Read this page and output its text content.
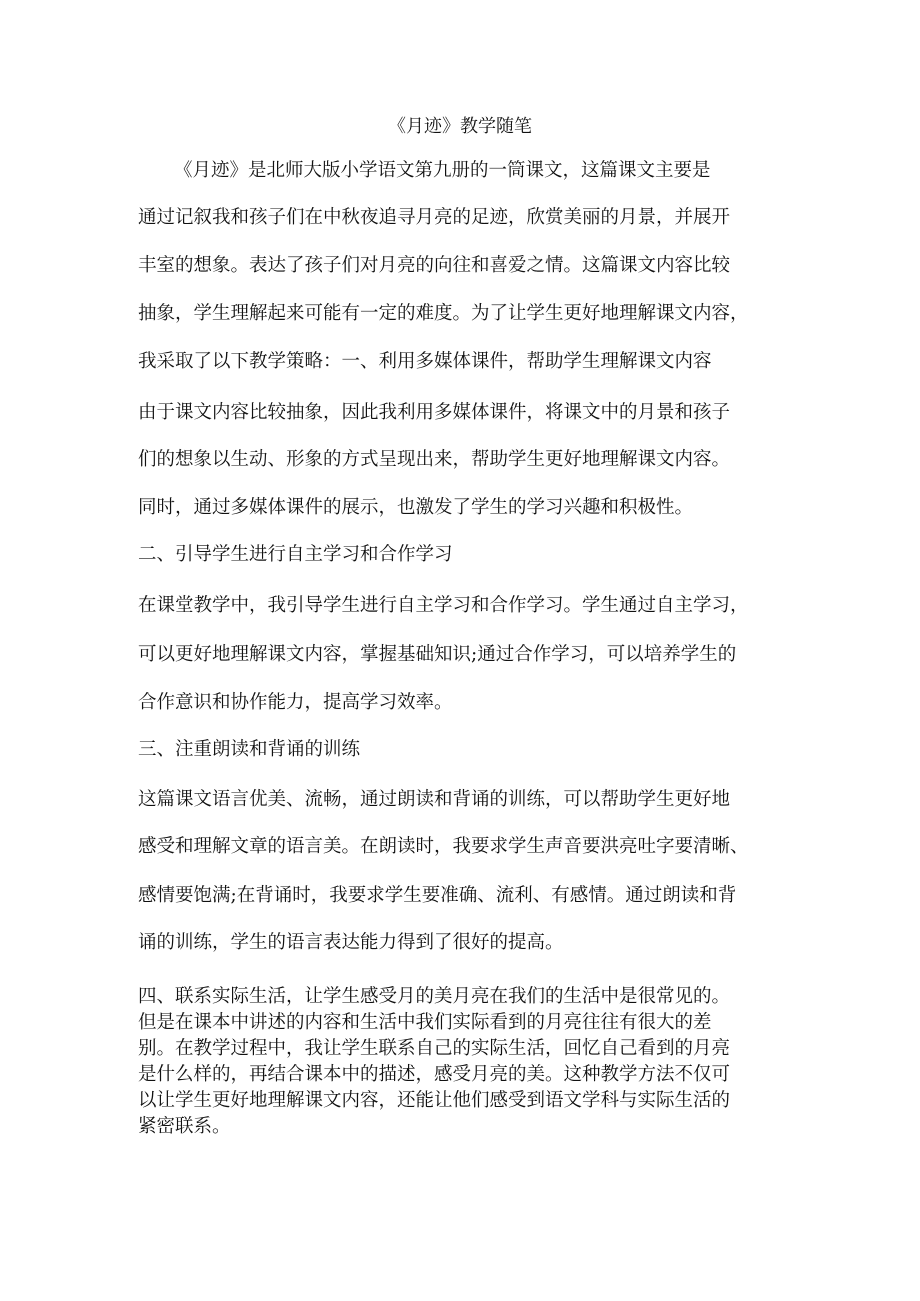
《月迹》教学随笔
《月迹》是北师大版小学语文第九册的一筒课文，这篇课文主要是
通过记叙我和孩子们在中秋夜追寻月亮的足迹，欣赏美丽的月景，并展开
丰室的想象。表达了孩子们对月亮的向往和喜爱之情。这篇课文内容比较
抽象，学生理解起来可能有一定的难度。为了让学生更好地理解课文内容，
我采取了以下教学策略：一、利用多媒体课件，帮助学生理解课文内容
由于课文内容比较抽象，因此我利用多媒体课件，将课文中的月景和孩子
们的想象以生动、形象的方式呈现出来，帮助学生更好地理解课文内容。
同时，通过多媒体课件的展示，也激发了学生的学习兴趣和积极性。
二、引导学生进行自主学习和合作学习
在课堂教学中，我引导学生进行自主学习和合作学习。学生通过自主学习，
可以更好地理解课文内容，掌握基础知识;通过合作学习，可以培养学生的
合作意识和协作能力，提高学习效率。
三、注重朗读和背诵的训练
这篇课文语言优美、流畅，通过朗读和背诵的训练，可以帮助学生更好地
感受和理解文章的语言美。在朗读时，我要求学生声音要洪亮吐字要清晰、
感情要饱满;在背诵时，我要求学生要准确、流利、有感情。通过朗读和背
诵的训练，学生的语言表达能力得到了很好的提高。
四、联系实际生活，让学生感受月的美月亮在我们的生活中是很常见的。
但是在课本中讲述的内容和生活中我们实际看到的月亮往往有很大的差
别。在教学过程中，我让学生联系自己的实际生活，回忆自己看到的月亮
是什么样的，再结合课本中的描述，感受月亮的美。这种教学方法不仅可
以让学生更好地理解课文内容，还能让他们感受到语文学科与实际生活的
紧密联系。
